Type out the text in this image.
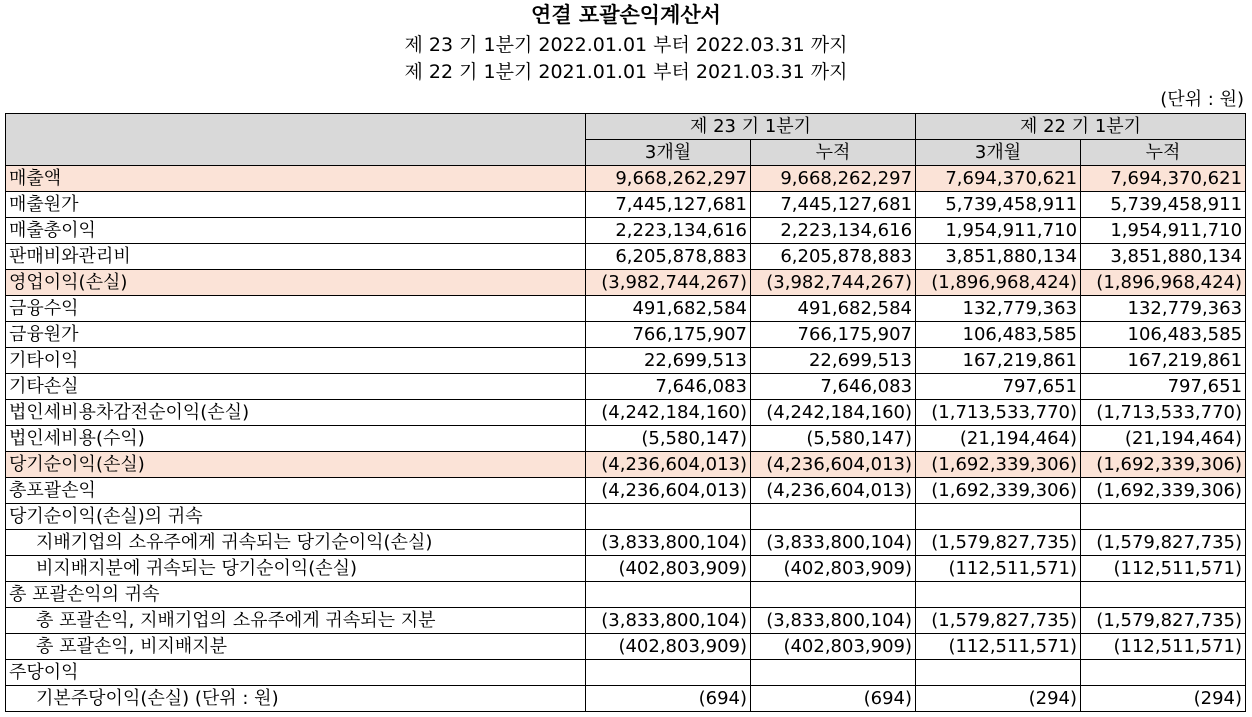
연결 포괄손익계산서
제 23 기 1분기 2022.01.01 부터 2022.03.31 까지
제 22 기 1분기 2021.01.01 부터 2021.03.31 까지
(단위 : 원)
	제 23 기 1분기		제 22 기 1분기	
	3개월	누적	3개월	누적
매출액	9,668,262,297	9,668,262,297	7,694,370,621	7,694,370,621
매출원가	7,445,127,681	7,445,127,681	5,739,458,911	5,739,458,911
매출총이익	2,223,134,616	2,223,134,616	1,954,911,710	1,954,911,710
판매비와관리비	6,205,878,883	6,205,878,883	3,851,880,134	3,851,880,134
영업이익(손실)	(3,982,744,267)	(3,982,744,267)	(1,896,968,424)	(1,896,968,424)
금융수익	491,682,584	491,682,584	132,779,363	132,779,363
금융원가	766,175,907	766,175,907	106,483,585	106,483,585
기타이익	22,699,513	22,699,513	167,219,861	167,219,861
기타손실	7,646,083	7,646,083	797,651	797,651
법인세비용차감전순이익(손실)	(4,242,184,160)	(4,242,184,160)	(1,713,533,770)	(1,713,533,770)
법인세비용(수익)	(5,580,147)	(5,580,147)	(21,194,464)	(21,194,464)
당기순이익(손실)	(4,236,604,013)	(4,236,604,013)	(1,692,339,306)	(1,692,339,306)
총포괄손익	(4,236,604,013)	(4,236,604,013)	(1,692,339,306)	(1,692,339,306)
당기순이익(손실)의 귀속				
지배기업의 소유주에게 귀속되는 당기순이익(손실)	(3,833,800,104)	(3,833,800,104)	(1,579,827,735)	(1,579,827,735)
비지배지분에 귀속되는 당기순이익(손실)	(402,803,909)	(402,803,909)	(112,511,571)	(112,511,571)
총 포괄손익의 귀속				
총 포괄손익, 지배기업의 소유주에게 귀속되는 지분	(3,833,800,104)	(3,833,800,104)	(1,579,827,735)	(1,579,827,735)
총 포괄손익, 비지배지분	(402,803,909)	(402,803,909)	(112,511,571)	(112,511,571)
주당이익				
기본주당이익(손실) (단위 : 원)	(694)	(694)	(294)	(294)
